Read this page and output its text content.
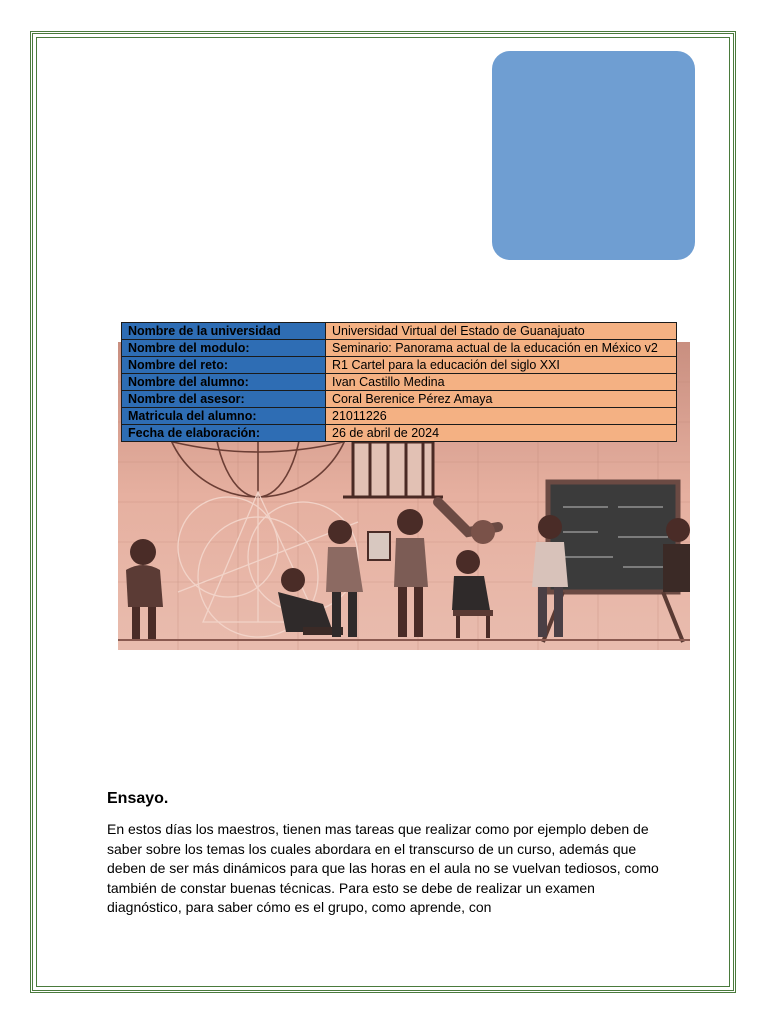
Nombre de la universidad	Universidad Virtual del Estado de Guanajuato
Nombre del modulo:	Seminario: Panorama actual de la educación en México v2
Nombre del reto:	R1 Cartel para la educación del siglo XXI
Nombre del alumno:	Ivan Castillo Medina
Nombre del asesor:	Coral Berenice Pérez Amaya
Matricula del alumno:	21011226
Fecha de elaboración:	26 de abril de 2024
Ensayo.
En estos días los maestros, tienen mas tareas que realizar como por ejemplo deben de saber sobre los temas los cuales abordara en el transcurso de un curso, además que deben de ser más dinámicos para que las horas en el aula no se vuelvan tediosos, como también de constar buenas técnicas. Para esto se debe de realizar un examen diagnóstico, para saber cómo es el grupo, como aprende, con
